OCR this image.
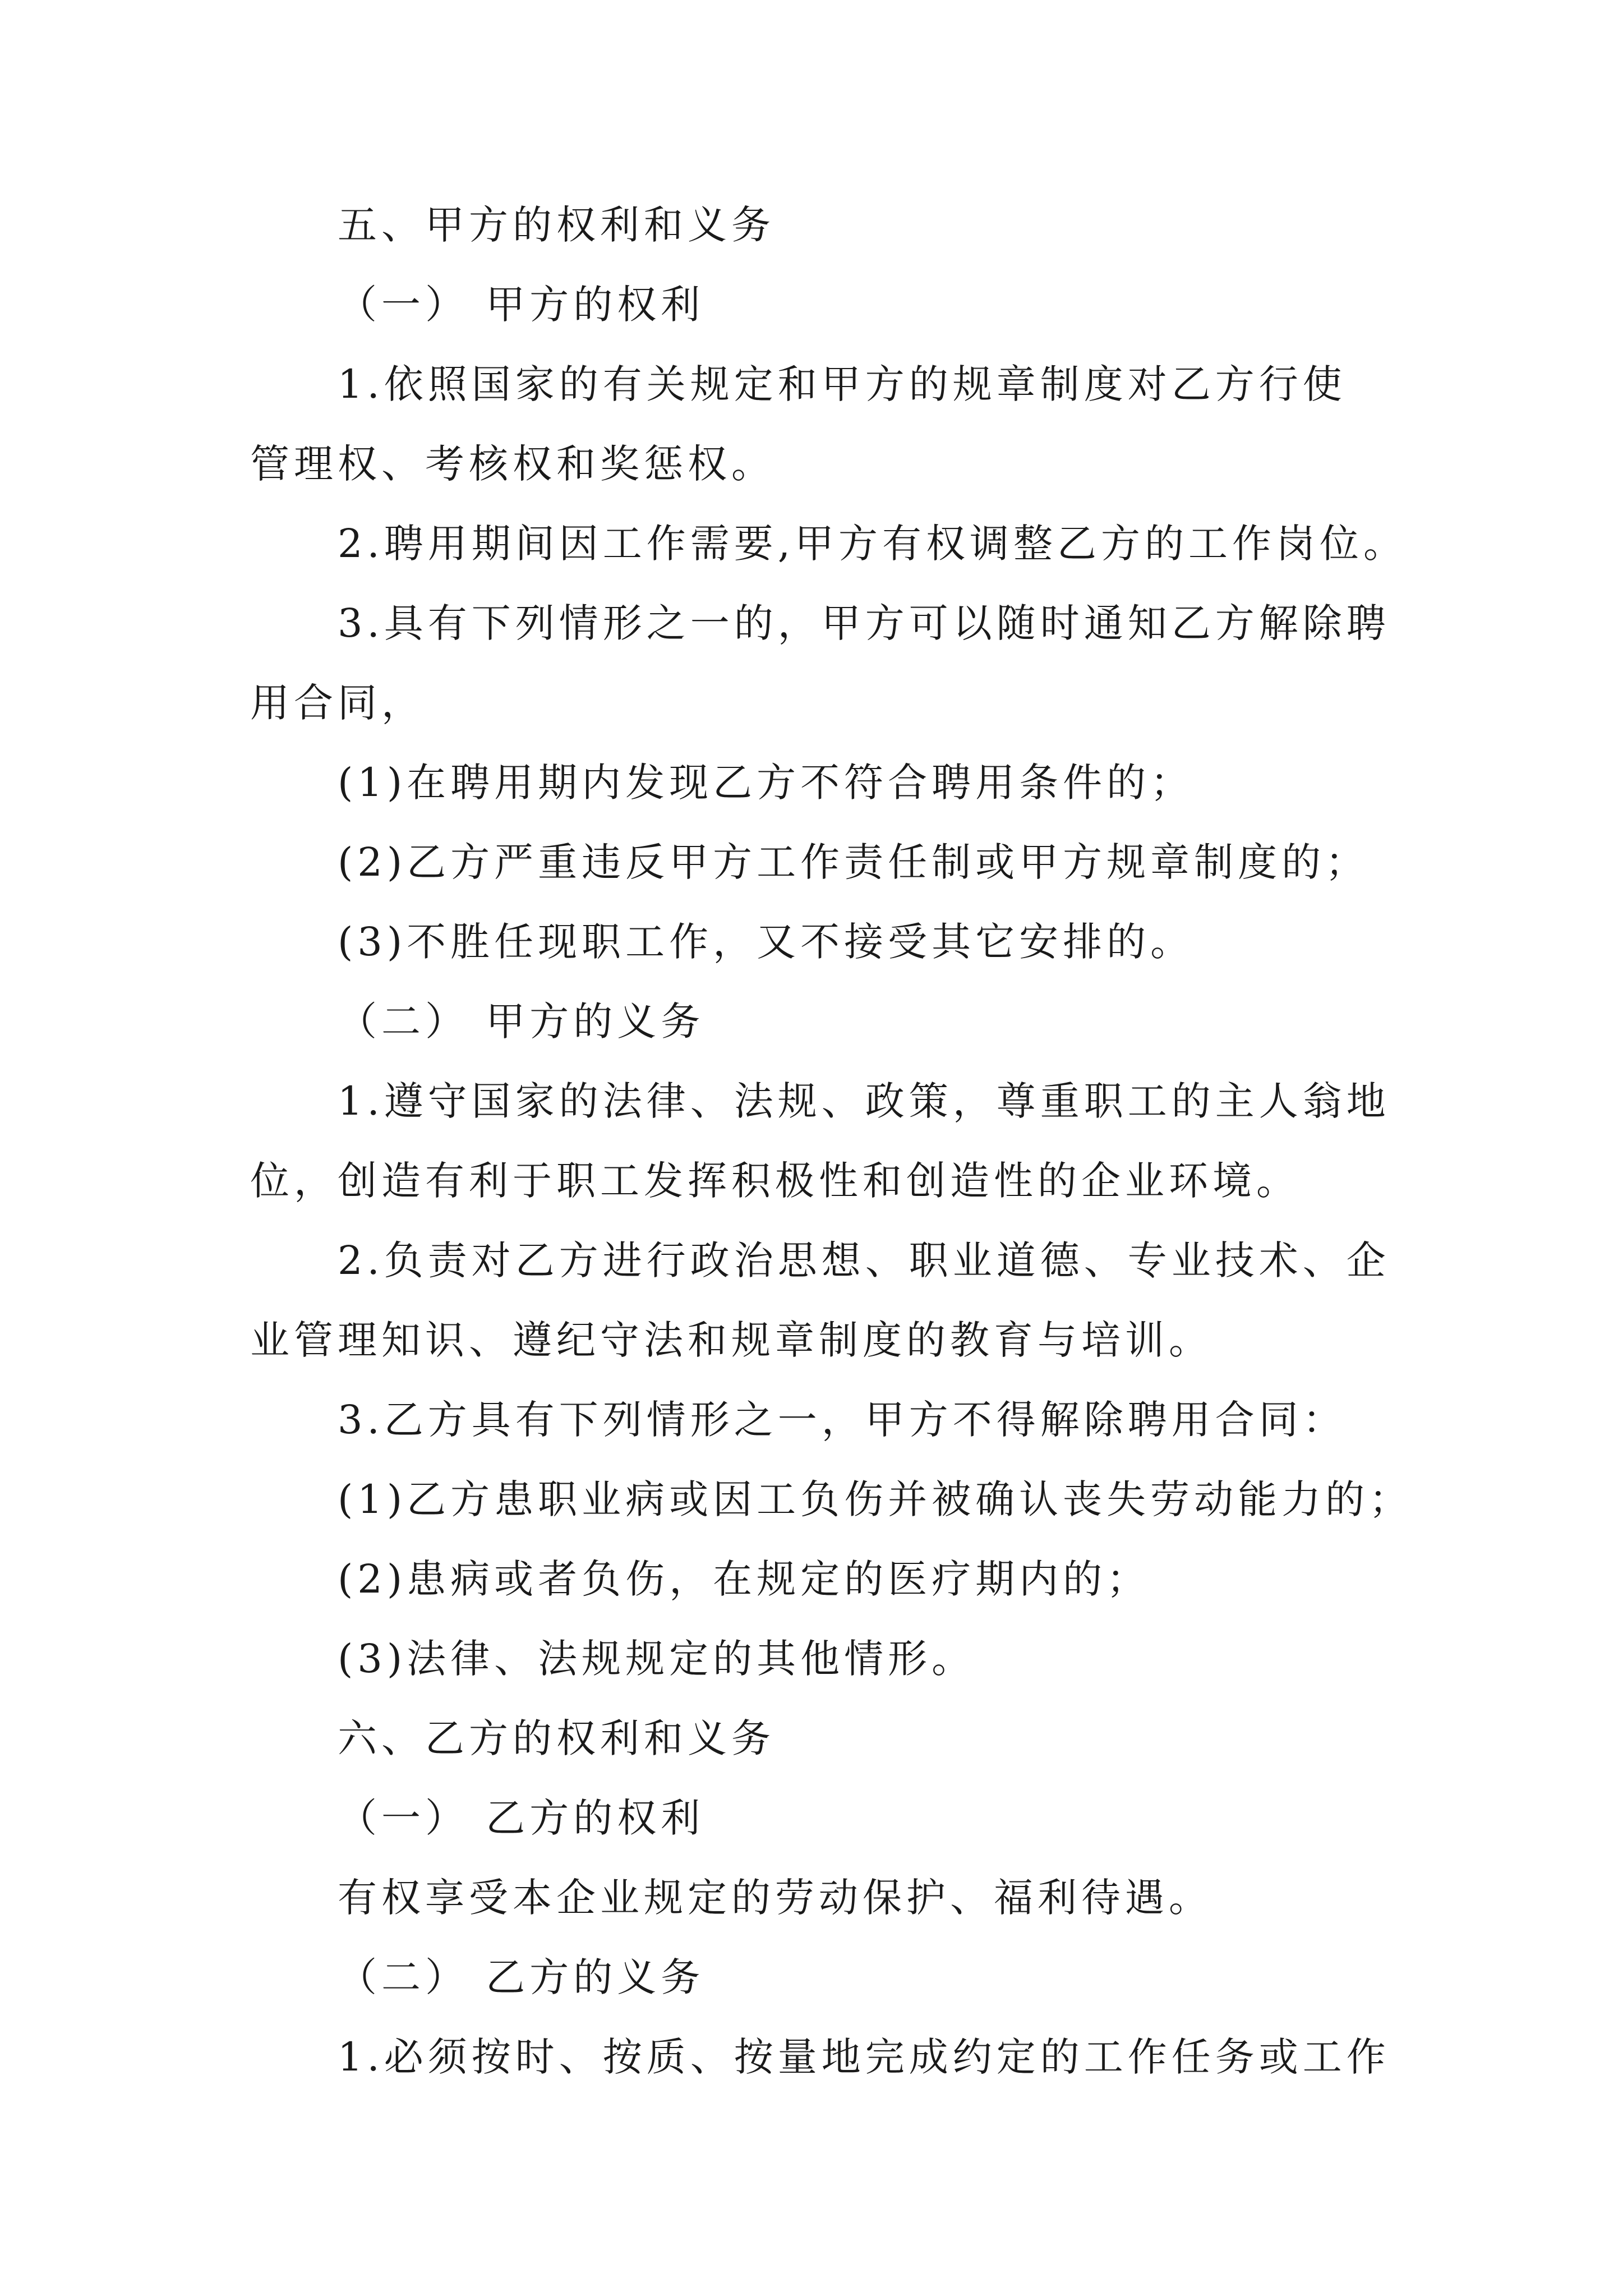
五、甲方的权利和义务
（一） 甲方的权利
1.依照国家的有关规定和甲方的规章制度对乙方行使
管理权、考核权和奖惩权。
2.聘用期间因工作需要,甲方有权调整乙方的工作岗位。
3.具有下列情形之一的，甲方可以随时通知乙方解除聘
用合同，
(1)在聘用期内发现乙方不符合聘用条件的；
(2)乙方严重违反甲方工作责任制或甲方规章制度的；
(3)不胜任现职工作，又不接受其它安排的。
（二） 甲方的义务
1.遵守国家的法律、法规、政策，尊重职工的主人翁地
位，创造有利于职工发挥积极性和创造性的企业环境。
2.负责对乙方进行政治思想、职业道德、专业技术、企
业管理知识、遵纪守法和规章制度的教育与培训。
3.乙方具有下列情形之一，甲方不得解除聘用合同：
(1)乙方患职业病或因工负伤并被确认丧失劳动能力的；
(2)患病或者负伤，在规定的医疗期内的；
(3)法律、法规规定的其他情形。
六、乙方的权利和义务
（一） 乙方的权利
有权享受本企业规定的劳动保护、福利待遇。
（二） 乙方的义务
1.必须按时、按质、按量地完成约定的工作任务或工作
